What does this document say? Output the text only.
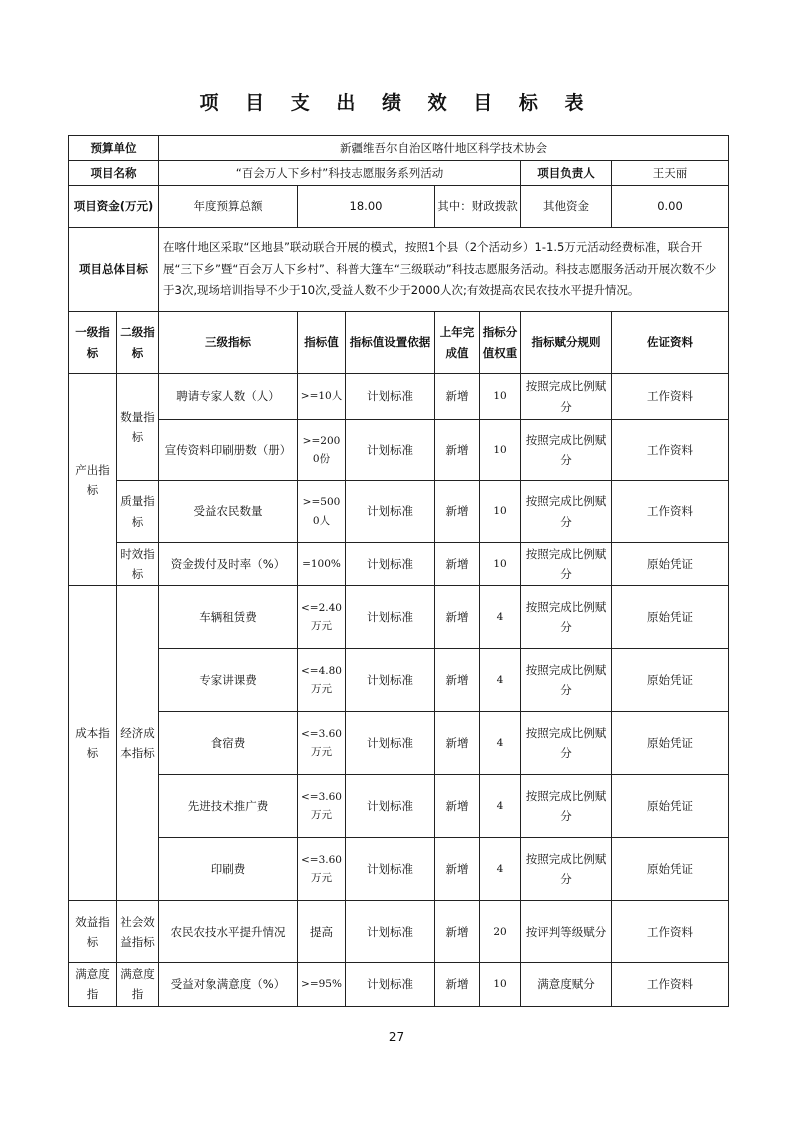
项 目 支 出 绩 效 目 标 表
预算单位		新疆维吾尔自治区喀什地区科学技术协会						
项目名称		“百会万人下乡村”科技志愿服务系列活动					项目负责人	王天丽
项目资金(万元)		年度预算总额	18.00		其中：财政拨款		其他资金	0.00
项目总体目标		在喀什地区采取“区地县”联动联合开展的模式，按照1个县（2个活动乡）1-1.5万元活动经费标准，联合开展“三下乡”暨“百会万人下乡村”、科普大篷车“三级联动”科技志愿服务活动。科技志愿服务活动开展次数不少于3次,现场培训指导不少于10次,受益人数不少于2000人次;有效提高农民农技水平提升情况。						
一级指标	二级指标	三级指标	指标值	指标值设置依据	上年完成值	指标分值权重	指标赋分规则	佐证资料
产出指标	数量指标	聘请专家人数（人）	>=10人	计划标准	新增	10	按照完成比例赋分	工作资料
		宣传资料印刷册数（册）	>=2000份	计划标准	新增	10	按照完成比例赋分	工作资料
	质量指标	受益农民数量	>=5000人	计划标准	新增	10	按照完成比例赋分	工作资料
	时效指标	资金拨付及时率（%）	=100%	计划标准	新增	10	按照完成比例赋分	原始凭证
成本指标	经济成本指标	车辆租赁费	<=2.40万元	计划标准	新增	4	按照完成比例赋分	原始凭证
		专家讲课费	<=4.80万元	计划标准	新增	4	按照完成比例赋分	原始凭证
		食宿费	<=3.60万元	计划标准	新增	4	按照完成比例赋分	原始凭证
		先进技术推广费	<=3.60万元	计划标准	新增	4	按照完成比例赋分	原始凭证
		印刷费	<=3.60万元	计划标准	新增	4	按照完成比例赋分	原始凭证
效益指标	社会效益指标	农民农技水平提升情况	提高	计划标准	新增	20	按评判等级赋分	工作资料
满意度指	满意度指	受益对象满意度（%）	>=95%	计划标准	新增	10	满意度赋分	工作资料
27
